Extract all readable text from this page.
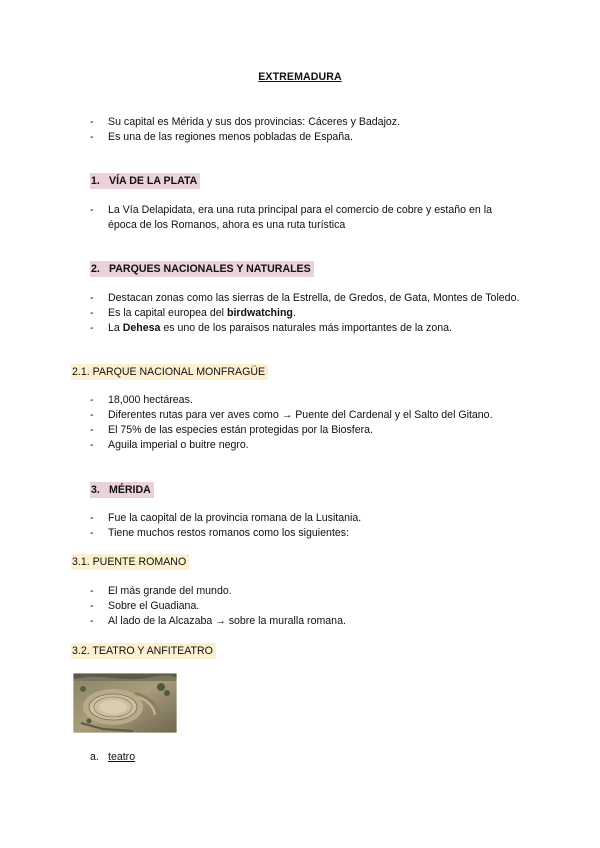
EXTREMADURA
- Su capital es Mérida y sus dos provincias: Cáceres y Badajoz.
- Es una de las regiones menos pobladas de España.
1. VÍA DE LA PLATA
- La Vía Delapidata, era una ruta principal para el comercio de cobre y estaño en la época de los Romanos, ahora es una ruta turística
2. PARQUES NACIONALES Y NATURALES
- Destacan zonas como las sierras de la Estrella, de Gredos, de Gata, Montes de Toledo.
- Es la capital europea del birdwatching.
- La Dehesa es uno de los paraisos naturales más importantes de la zona.
2.1. PARQUE NACIONAL MONFRAGÜE
- 18,000 hectáreas.
- Diferentes rutas para ver aves como → Puente del Cardenal y el Salto del Gitano.
- El 75% de las especies están protegidas por la Biosfera.
- Aguila imperial o buitre negro.
3. MÉRIDA
- Fue la caopital de la provincia romana de la Lusitania.
- Tiene muchos restos romanos como los siguientes:
3.1. PUENTE ROMANO
- El más grande del mundo.
- Sobre el Guadiana.
- Al lado de la Alcazaba → sobre la muralla romana.
3.2. TEATRO Y ANFITEATRO
a. teatro
